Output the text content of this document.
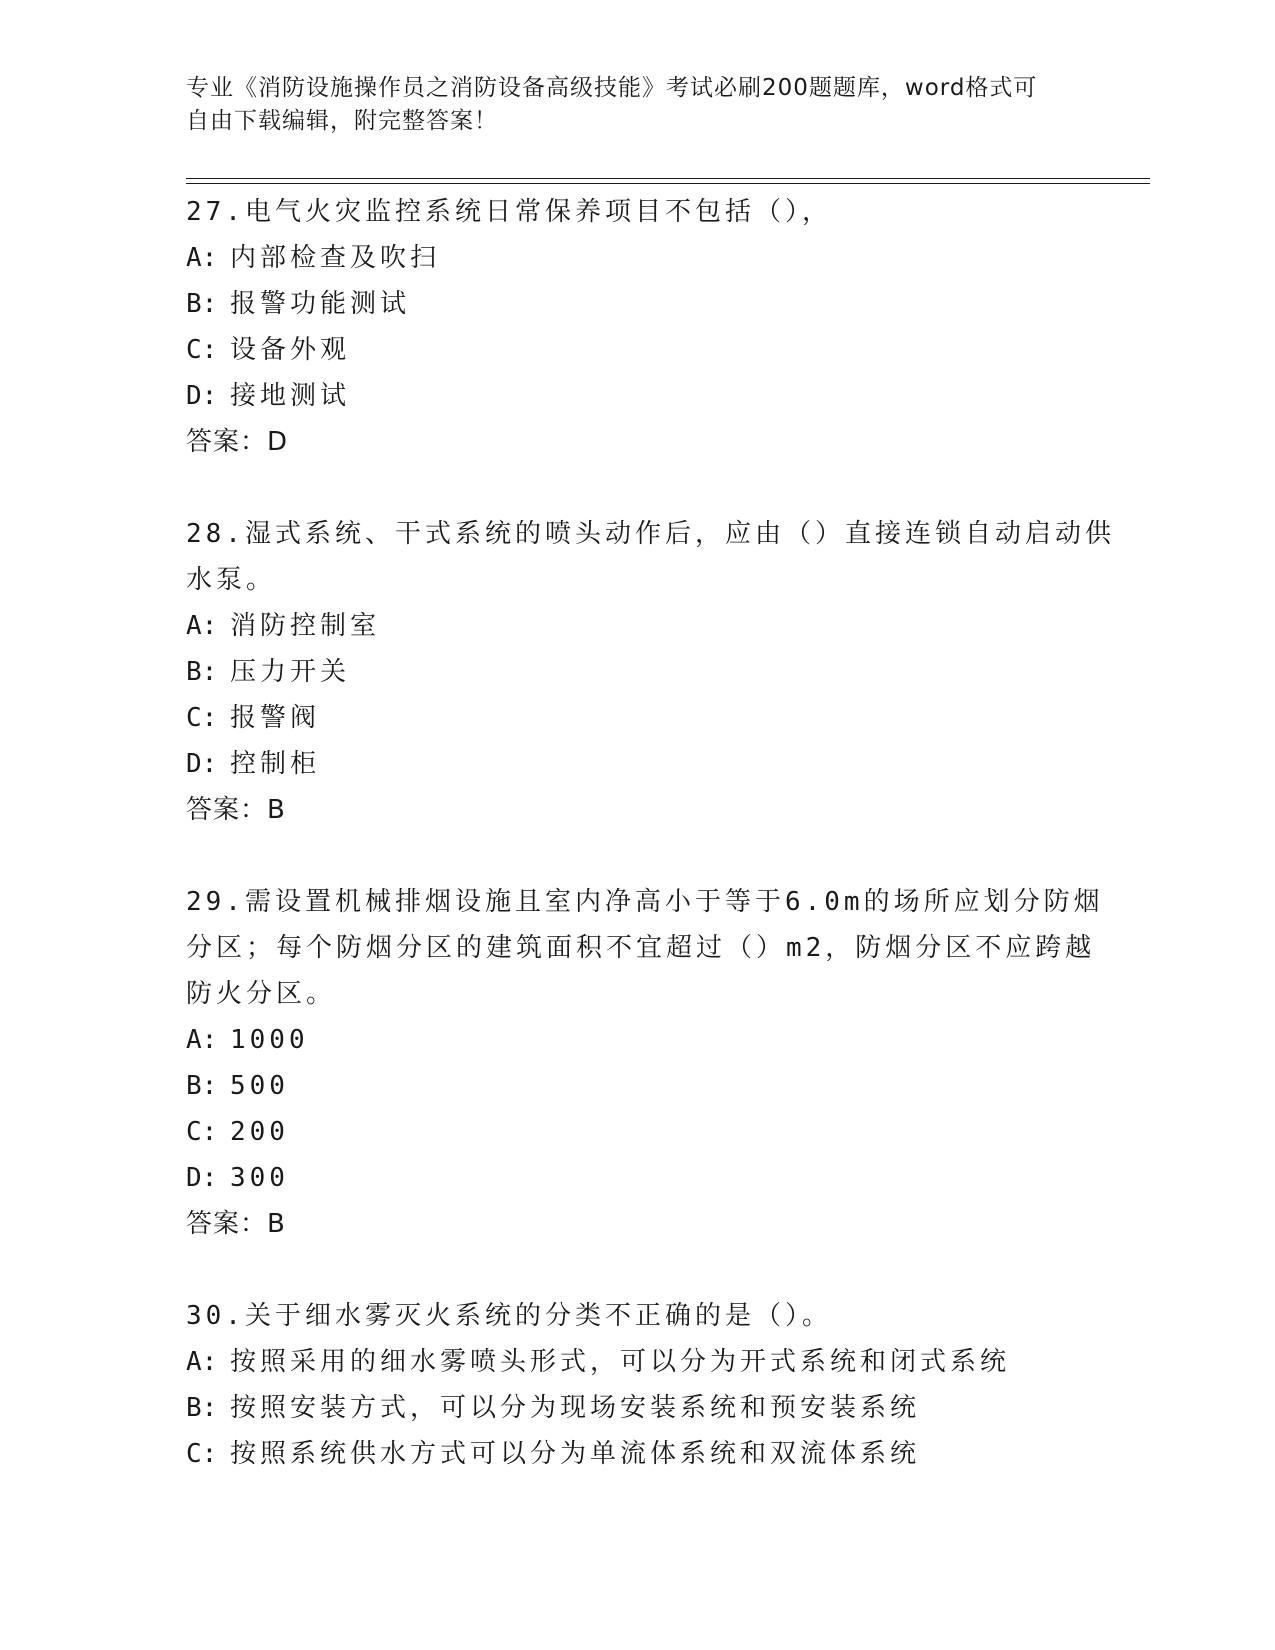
专业《消防设施操作员之消防设备高级技能》考试必刷200题题库，word格式可
自由下载编辑，附完整答案！
27.电气火灾监控系统日常保养项目不包括（），
A: 内部检查及吹扫
B: 报警功能测试
C: 设备外观
D: 接地测试
答案：D
28.湿式系统、干式系统的喷头动作后，应由（）直接连锁自动启动供
水泵。
A: 消防控制室
B: 压力开关
C: 报警阀
D: 控制柜
答案：B
29.需设置机械排烟设施且室内净高小于等于6.0m的场所应划分防烟
分区；每个防烟分区的建筑面积不宜超过（）m2，防烟分区不应跨越
防火分区。
A: 1000
B: 500
C: 200
D: 300
答案：B
30.关于细水雾灭火系统的分类不正确的是（）。
A: 按照采用的细水雾喷头形式，可以分为开式系统和闭式系统
B: 按照安装方式，可以分为现场安装系统和预安装系统
C: 按照系统供水方式可以分为单流体系统和双流体系统
